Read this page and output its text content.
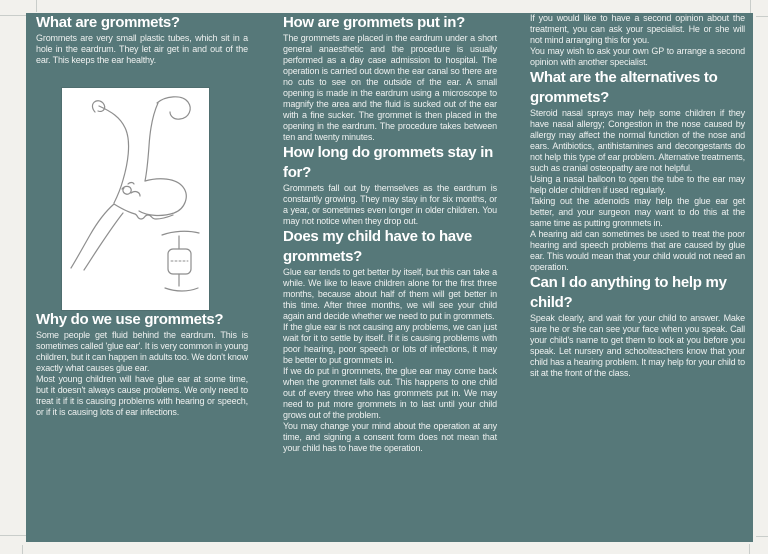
What are grommets?

Grommets are very small plastic tubes, which sit in a hole in the eardrum. They let air get in and out of the ear. This keeps the ear healthy.

Why do we use grommets?

Some people get fluid behind the eardrum. This is sometimes called 'glue ear'. It is very common in young children, but it can happen in adults too. We don't know exactly what causes glue ear.

Most young children will have glue ear at some time, but it doesn't always cause problems. We only need to treat it if it is causing problems with hearing or speech, or if it is causing lots of ear infections.

How are grommets put in?

The grommets are placed in the eardrum under a short general anaesthetic and the procedure is usually performed as a day case admission to hospital. The operation is carried out down the ear canal so there are no cuts to see on the outside of the ear. A small opening is made in the eardrum using a microscope to magnify the area and the fluid is sucked out of the ear with a fine sucker. The grommet is then placed in the opening in the eardrum. The procedure takes between ten and twenty minutes.

How long do grommets stay in for?

Grommets fall out by themselves as the eardrum is constantly growing. They may stay in for six months, or a year, or sometimes even longer in older children. You may not notice when they drop out.

Does my child have to have grommets?

Glue ear tends to get better by itself, but this can take a while. We like to leave children alone for the first three months, because about half of them will get better in this time. After three months, we will see your child again and decide whether we need to put in grommets.

If the glue ear is not causing any problems, we can just wait for it to settle by itself. If it is causing problems with poor hearing, poor speech or lots of infections, it may be better to put grommets in.

If we do put in grommets, the glue ear may come back when the grommet falls out. This happens to one child out of every three who has grommets put in. We may need to put more grommets in to last until your child grows out of the problem.

You may change your mind about the operation at any time, and signing a consent form does not mean that your child has to have the operation.

If you would like to have a second opinion about the treatment, you can ask your specialist. He or she will not mind arranging this for you.

You may wish to ask your own GP to arrange a second opinion with another specialist.

What are the alternatives to grommets?

Steroid nasal sprays may help some children if they have nasal allergy; Congestion in the nose caused by allergy may affect the normal function of the nose and ears. Antibiotics, antihistamines and decongestants do not help this type of ear problem. Alternative treatments, such as cranial osteopathy are not helpful.

Using a nasal balloon to open the tube to the ear may help older children if used regularly.

Taking out the adenoids may help the glue ear get better, and your surgeon may want to do this at the same time as putting grommets in.

A hearing aid can sometimes be used to treat the poor hearing and speech problems that are caused by glue ear. This would mean that your child would not need an operation.

Can I do anything to help my child?

Speak clearly, and wait for your child to answer. Make sure he or she can see your face when you speak. Call your child's name to get them to look at you before you speak. Let nursery and schoolteachers know that your child has a hearing problem. It may help for your child to sit at the front of the class.
